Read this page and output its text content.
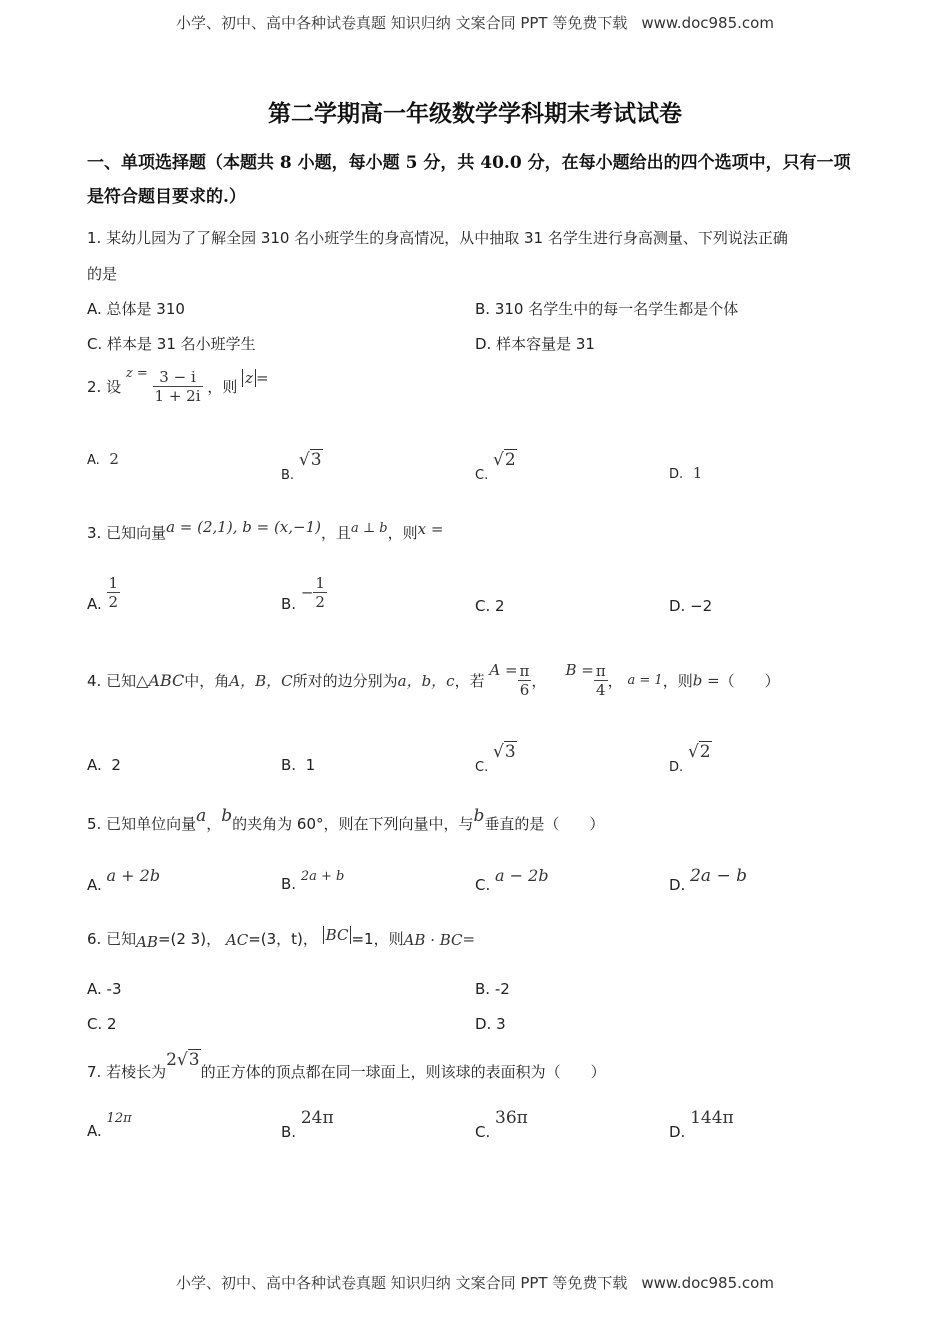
小学、初中、高中各种试卷真题 知识归纳 文案合同 PPT 等免费下载 www.doc985.com
第二学期高一年级数学学科期末考试试卷
一、单项选择题（本题共 8 小题，每小题 5 分，共 40.0 分，在每小题给出的四个选项中，只有一项是符合题目要求的.）
1. 某幼儿园为了了解全园 310 名小班学生的身高情况，从中抽取 31 名学生进行身高测量、下列说法正确
的是
A. 总体是 310	B. 310 名学生中的每一名学生都是个体
C. 样本是 31 名小班学生	D. 样本容量是 31
2. 设 $z = \frac{3 - i}{1 + 2i}$ ，则 z =
A. 2
B. √3
C. √2
D. 1
3. 已知向量a = (2,1), b = (x,−1)，且a ⊥ b，则x =
A. $\frac{1}{2}$	B. − $\frac{1}{2}$	C. 2	D. −2
4. 已知△ABC中，角A，B，C所对的边分别为a，b，c，若 $A = \frac{\pi}{6}$ ，    $B = \frac{\pi}{4}$ ， a = 1，则b =（　　）
A. 2	B. 1	C. √3
D. √2
5. 已知单位向量a，b的夹角为 60°，则在下列向量中，与b垂直的是（　　）
A. a + 2b	B. 2a + b	C. a − 2b	D. 2a − b
6. 已知AB=(2 3)， AC=(3，t)， BC =1，则AB · BC=
A. -3	B. -2
C. 2	D. 3
7. 若棱长为2√3的正方体的顶点都在同一球面上，则该球的表面积为（　　）
A. 12π
B. 24π
C. 36π
D. 144π
小学、初中、高中各种试卷真题 知识归纳 文案合同 PPT 等免费下载 www.doc985.com
